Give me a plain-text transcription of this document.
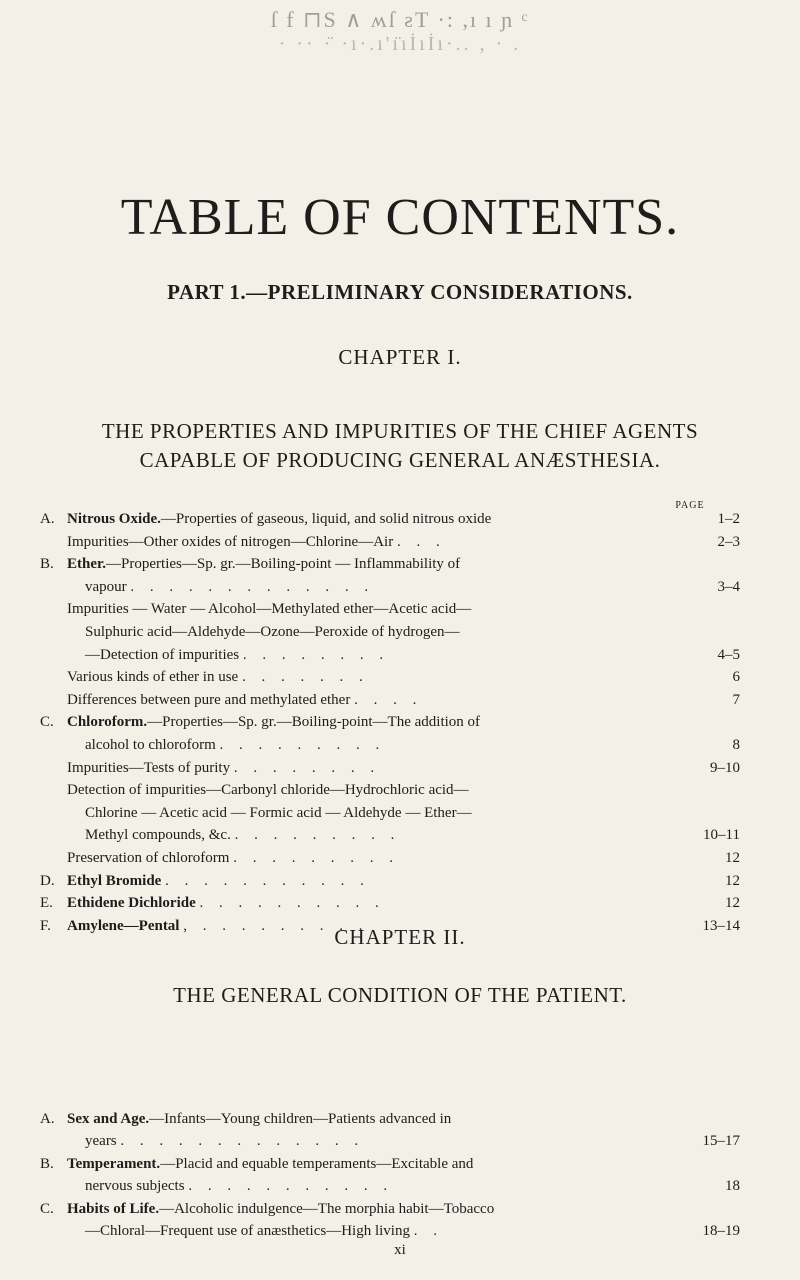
ſ f ⊓S ∧ ʍſ ƨT ·: ,ı ı ɲ ᶜ
· ·· ·̈ ·ı·.ı'ı̈ıİıİı·.. , · .
TABLE OF CONTENTS.
PART 1.—PRELIMINARY CONSIDERATIONS.
CHAPTER I.
THE PROPERTIES AND IMPURITIES OF THE CHIEF AGENTS
CAPABLE OF PRODUCING GENERAL ANÆSTHESIA.
PAGE
A. Nitrous Oxide.—Properties of gaseous, liquid, and solid nitrous oxide	1–2
Impurities—Other oxides of nitrogen—Chlorine—Air . . .	2–3
B. Ether.—Properties—Sp. gr.—Boiling-point — Inflammability of
vapour . . . . . . . . . . . . .	3–4
Impurities — Water — Alcohol—Methylated ether—Acetic acid—
Sulphuric acid—Aldehyde—Ozone—Peroxide of hydrogen—
—Detection of impurities . . . . . . . .	4–5
Various kinds of ether in use . . . . . . .	6
Differences between pure and methylated ether . . . .	7
C. Chloroform.—Properties—Sp. gr.—Boiling-point—The addition of
alcohol to chloroform . . . . . . . . .	8
Impurities—Tests of purity . . . . . . . .	9–10
Detection of impurities—Carbonyl chloride—Hydrochloric acid—
Chlorine — Acetic acid — Formic acid — Aldehyde — Ether—
Methyl compounds, &c. . . . . . . . . .	10–11
Preservation of chloroform . . . . . . . . .	12
D. Ethyl Bromide . . . . . . . . . . .	12
E. Ethidene Dichloride . . . . . . . . . .	12
F. Amylene—Pental , . . . . . . . . .	13–14
CHAPTER II.
THE GENERAL CONDITION OF THE PATIENT.
A. Sex and Age.—Infants—Young children—Patients advanced in
years . . . . . . . . . . . . .	15–17
B. Temperament.—Placid and equable temperaments—Excitable and
nervous subjects . . . . . . . . . . .	18
C. Habits of Life.—Alcoholic indulgence—The morphia habit—Tobacco
—Chloral—Frequent use of anæsthetics—High living . .	18–19
xi
